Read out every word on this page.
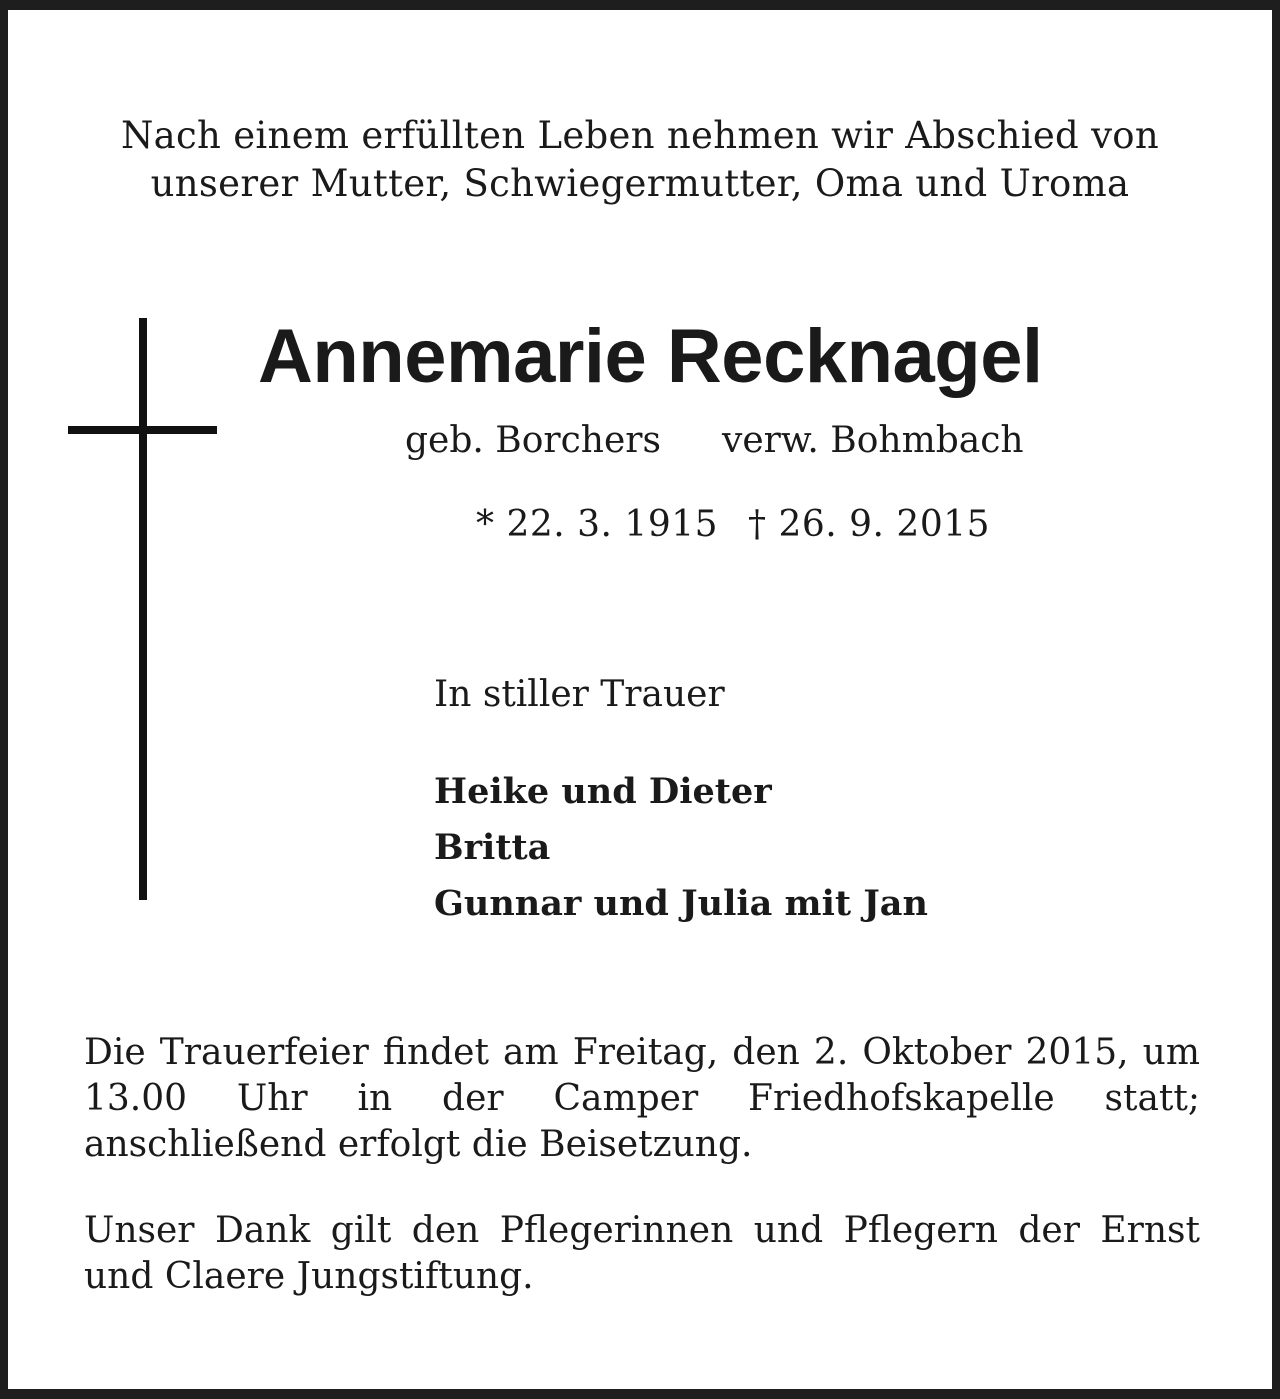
Nach einem erfüllten Leben nehmen wir Abschied von
unserer Mutter, Schwiegermutter, Oma und Uroma
Annemarie Recknagel
geb. Borchers verw. Bohmbach
* 22. 3. 1915 † 26. 9. 2015
In stiller Trauer
Heike und Dieter
Britta
Gunnar und Julia mit Jan
Die Trauerfeier findet am Freitag, den 2. Oktober 2015, um 13.00 Uhr in der Camper Friedhofskapelle statt; anschließend erfolgt die Beisetzung.
Unser Dank gilt den Pflegerinnen und Pflegern der Ernst und Claere Jungstiftung.
